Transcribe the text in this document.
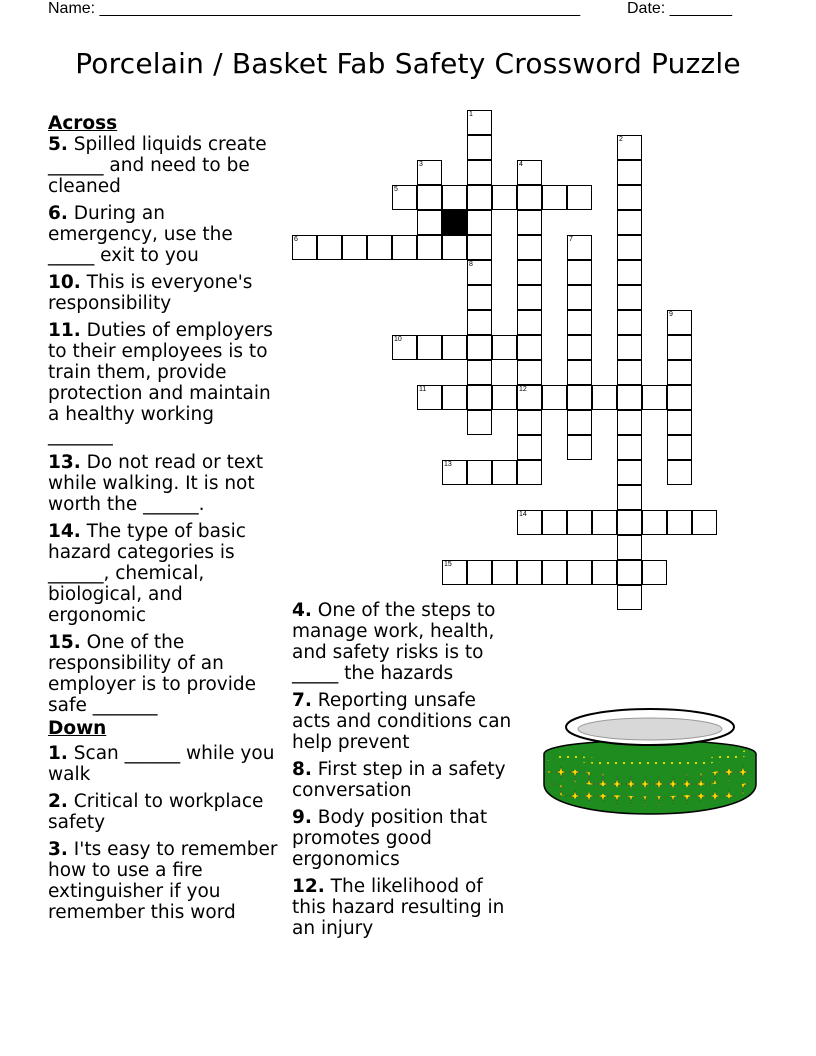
Name: ______________________________________________________	Date: _______
Porcelain / Basket Fab Safety Crossword Puzzle
Across
5. Spilled liquids create ______ and need to be cleaned
6. During an emergency, use the _____ exit to you
10. This is everyone's responsibility
11. Duties of employers to their employees is to train them, provide protection and maintain a healthy working _______
13. Do not read or text while walking. It is not worth the ______.
14. The type of basic hazard categories is ______, chemical, biological, and ergonomic
15. One of the responsibility of an employer is to provide safe _______
Down
1. Scan ______ while you walk
2. Critical to workplace safety
3. I'ts easy to remember how to use a fire extinguisher if you remember this word
4. One of the steps to manage work, health, and safety risks is to _____ the hazards
7. Reporting unsafe acts and conditions can help prevent
8. First step in a safety conversation
9. Body position that promotes good ergonomics
12. The likelihood of this hazard resulting in an injury
5
6
10
11	12
13
14
15
1
8
2
3	4
7
9
